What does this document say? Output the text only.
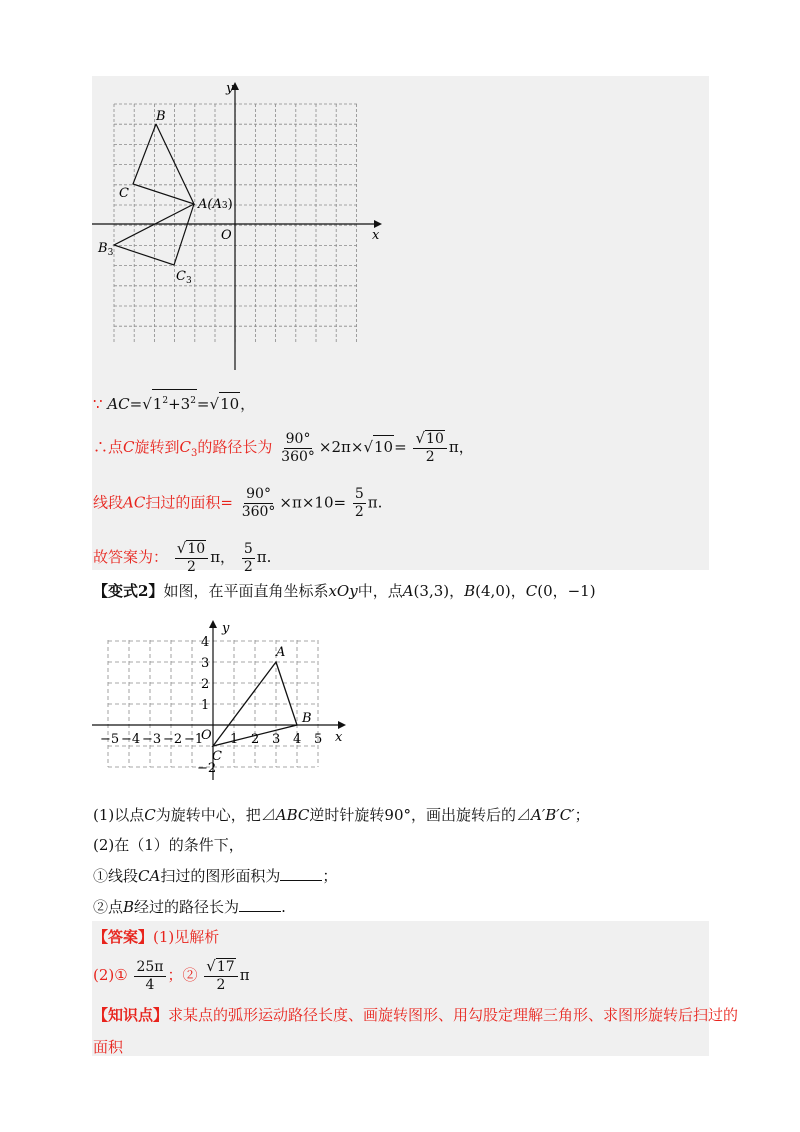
y
x
B
C
A(A3)
O
$B_3$
$C_3$
∵ $AC=√1^2+3^2=√10$，
∴点C旋转到$C_3$的路径长为 $\frac{90^\circ}{360^\circ} \times 2\pi\times√10= \frac{√10}{2}$ π，
线段AC扫过的面积= $\frac{90^\circ}{360^\circ} \times\pi\times 10= \frac{5}{2} \pi$.
故答案为： $\frac{√10}{2}$ π， $\frac{5}{2} \pi$.
【变式2】如图，在平面直角坐标系xOy中，点A(3,3)，B(4,0)，C(0，−1)
−5 −4 −3 −2 −1 1 2 3 4 5
4
3
2
1
−2
y
x
A
B
O
C
(1)以点C为旋转中心，把⊿ABC逆时针旋转90°，画出旋转后的⊿A′B′C′；
(2)在（1）的条件下，
①线段CA扫过的图形面积为	；
②点B经过的路径长为	.
【答案】(1)见解析
(2)① $\frac{25\pi}{4}$ ；② $\frac{√17}{2}$ π
【知识点】求某点的弧形运动路径长度、画旋转图形、用勾股定理解三角形、求图形旋转后扫过的
面积
